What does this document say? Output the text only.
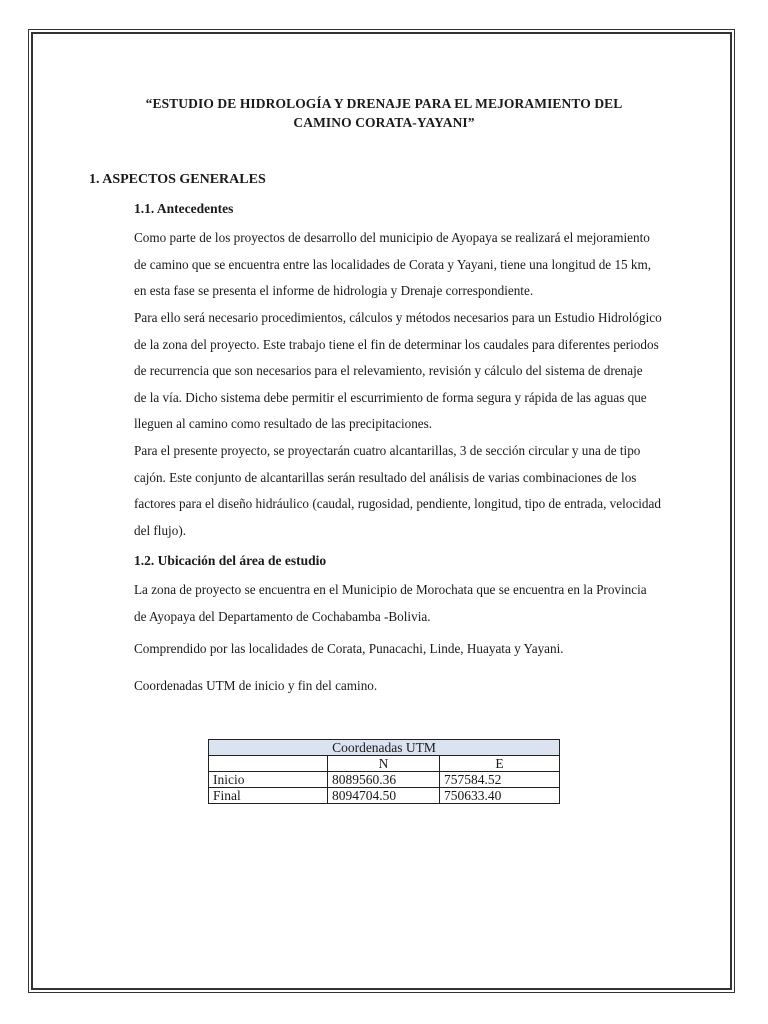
“ESTUDIO DE HIDROLOGÍA Y DRENAJE PARA EL MEJORAMIENTO DEL
CAMINO CORATA-YAYANI”
1. ASPECTOS GENERALES
1.1. Antecedentes

Como parte de los proyectos de desarrollo del municipio de Ayopaya se realizará el mejoramiento
de camino que se encuentra entre las localidades de Corata y Yayani, tiene una longitud de 15 km,
en esta fase se presenta el informe de hidrologia y Drenaje correspondiente.

Para ello será necesario procedimientos, cálculos y métodos necesarios para un Estudio Hidrológico
de la zona del proyecto. Este trabajo tiene el fin de determinar los caudales para diferentes periodos
de recurrencia que son necesarios para el relevamiento, revisión y cálculo del sistema de drenaje
de la vía. Dicho sistema debe permitir el escurrimiento de forma segura y rápida de las aguas que
lleguen al camino como resultado de las precipitaciones.

Para el presente proyecto, se proyectarán cuatro alcantarillas, 3 de sección circular y una de tipo
cajón. Este conjunto de alcantarillas serán resultado del análisis de varias combinaciones de los
factores para el diseño hidráulico (caudal, rugosidad, pendiente, longitud, tipo de entrada, velocidad
del flujo).

1.2. Ubicación del área de estudio

La zona de proyecto se encuentra en el Municipio de Morochata que se encuentra en la Provincia
de Ayopaya del Departamento de Cochabamba -Bolivia.

Comprendido por las localidades de Corata, Punacachi, Linde, Huayata y Yayani.

Coordenadas UTM de inicio y fin del camino.

Coordenadas UTM		
	N	E
Inicio	8089560.36	757584.52
Final	8094704.50	750633.40
